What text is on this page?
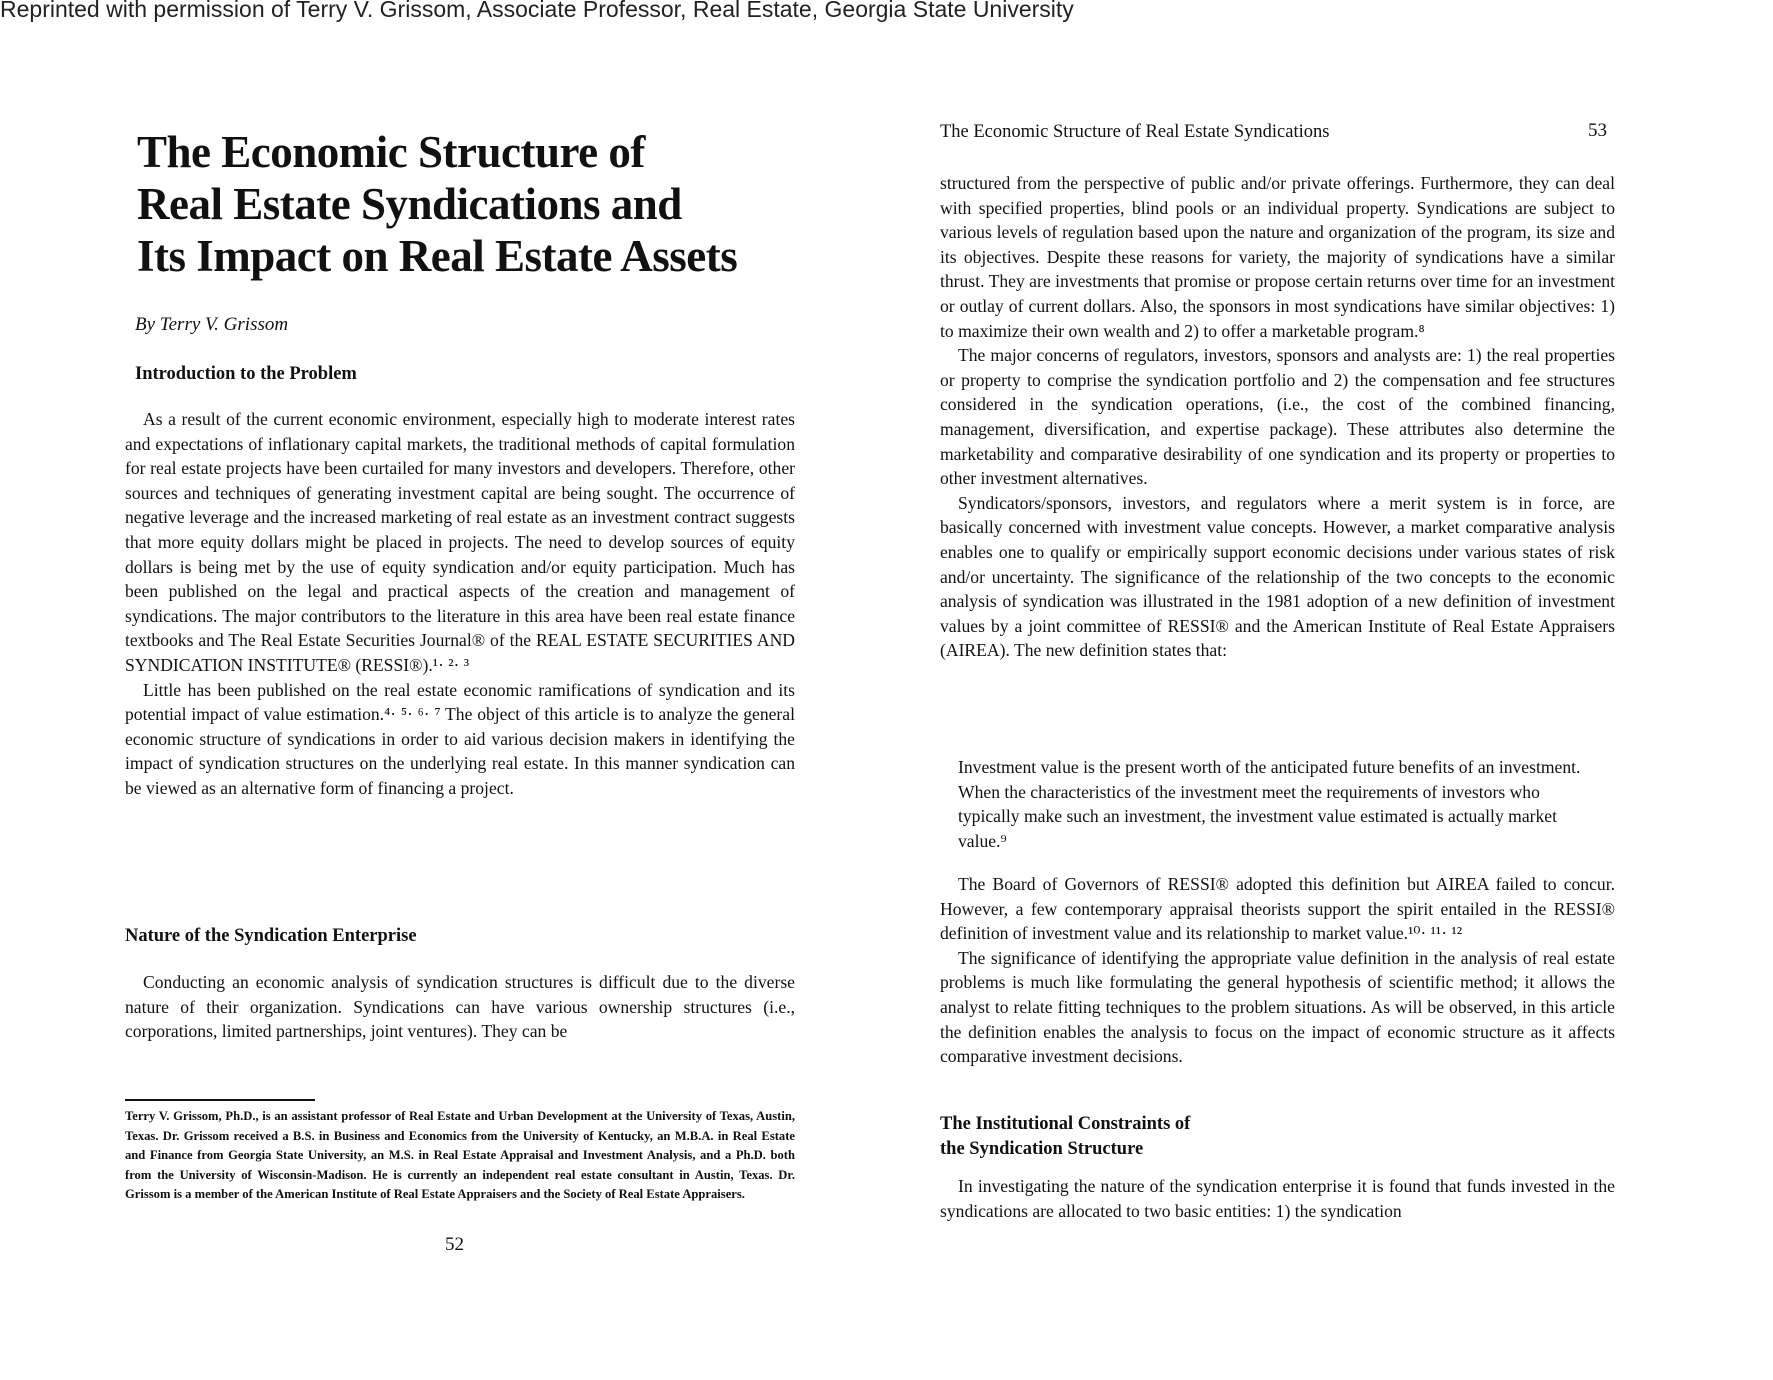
Reprinted with permission of Terry V. Grissom, Associate Professor, Real Estate, Georgia State University
The Economic Structure of
Real Estate Syndications and
Its Impact on Real Estate Assets
By Terry V. Grissom
Introduction to the Problem

As a result of the current economic environment, especially high to moderate interest rates and expectations of inflationary capital markets, the traditional methods of capital formulation for real estate projects have been curtailed for many investors and developers. Therefore, other sources and techniques of generating investment capital are being sought. The occurrence of negative leverage and the increased marketing of real estate as an investment contract suggests that more equity dollars might be placed in projects. The need to develop sources of equity dollars is being met by the use of equity syndication and/or equity participation. Much has been published on the legal and practical aspects of the creation and management of syndications. The major contributors to the literature in this area have been real estate finance textbooks and The Real Estate Securities Journal® of the REAL ESTATE SECURITIES AND SYNDICATION INSTITUTE® (RESSI®).¹· ²· ³

Little has been published on the real estate economic ramifications of syndication and its potential impact of value estimation.⁴· ⁵· ⁶· ⁷ The object of this article is to analyze the general economic structure of syndications in order to aid various decision makers in identifying the impact of syndication structures on the underlying real estate. In this manner syndication can be viewed as an alternative form of financing a project.

Nature of the Syndication Enterprise

Conducting an economic analysis of syndication structures is difficult due to the diverse nature of their organization. Syndications can have various ownership structures (i.e., corporations, limited partnerships, joint ventures). They can be

Terry V. Grissom, Ph.D., is an assistant professor of Real Estate and Urban Development at the University of Texas, Austin, Texas. Dr. Grissom received a B.S. in Business and Economics from the University of Kentucky, an M.B.A. in Real Estate and Finance from Georgia State University, an M.S. in Real Estate Appraisal and Investment Analysis, and a Ph.D. both from the University of Wisconsin-Madison. He is currently an independent real estate consultant in Austin, Texas. Dr. Grissom is a member of the American Institute of Real Estate Appraisers and the Society of Real Estate Appraisers.
52
The Economic Structure of Real Estate Syndications	53

structured from the perspective of public and/or private offerings. Furthermore, they can deal with specified properties, blind pools or an individual property. Syndications are subject to various levels of regulation based upon the nature and organization of the program, its size and its objectives. Despite these reasons for variety, the majority of syndications have a similar thrust. They are investments that promise or propose certain returns over time for an investment or outlay of current dollars. Also, the sponsors in most syndications have similar objectives: 1) to maximize their own wealth and 2) to offer a marketable program.⁸

The major concerns of regulators, investors, sponsors and analysts are: 1) the real properties or property to comprise the syndication portfolio and 2) the compensation and fee structures considered in the syndication operations, (i.e., the cost of the combined financing, management, diversification, and expertise package). These attributes also determine the marketability and comparative desirability of one syndication and its property or properties to other investment alternatives.

Syndicators/sponsors, investors, and regulators where a merit system is in force, are basically concerned with investment value concepts. However, a market comparative analysis enables one to qualify or empirically support economic decisions under various states of risk and/or uncertainty. The significance of the relationship of the two concepts to the economic analysis of syndication was illustrated in the 1981 adoption of a new definition of investment values by a joint committee of RESSI® and the American Institute of Real Estate Appraisers (AIREA). The new definition states that:

Investment value is the present worth of the anticipated future benefits of an investment. When the characteristics of the investment meet the requirements of investors who typically make such an investment, the investment value estimated is actually market value.⁹

The Board of Governors of RESSI® adopted this definition but AIREA failed to concur. However, a few contemporary appraisal theorists support the spirit entailed in the RESSI® definition of investment value and its relationship to market value.¹⁰· ¹¹· ¹²

The significance of identifying the appropriate value definition in the analysis of real estate problems is much like formulating the general hypothesis of scientific method; it allows the analyst to relate fitting techniques to the problem situations. As will be observed, in this article the definition enables the analysis to focus on the impact of economic structure as it affects comparative investment decisions.

The Institutional Constraints of
the Syndication Structure

In investigating the nature of the syndication enterprise it is found that funds invested in the syndications are allocated to two basic entities: 1) the syndication
